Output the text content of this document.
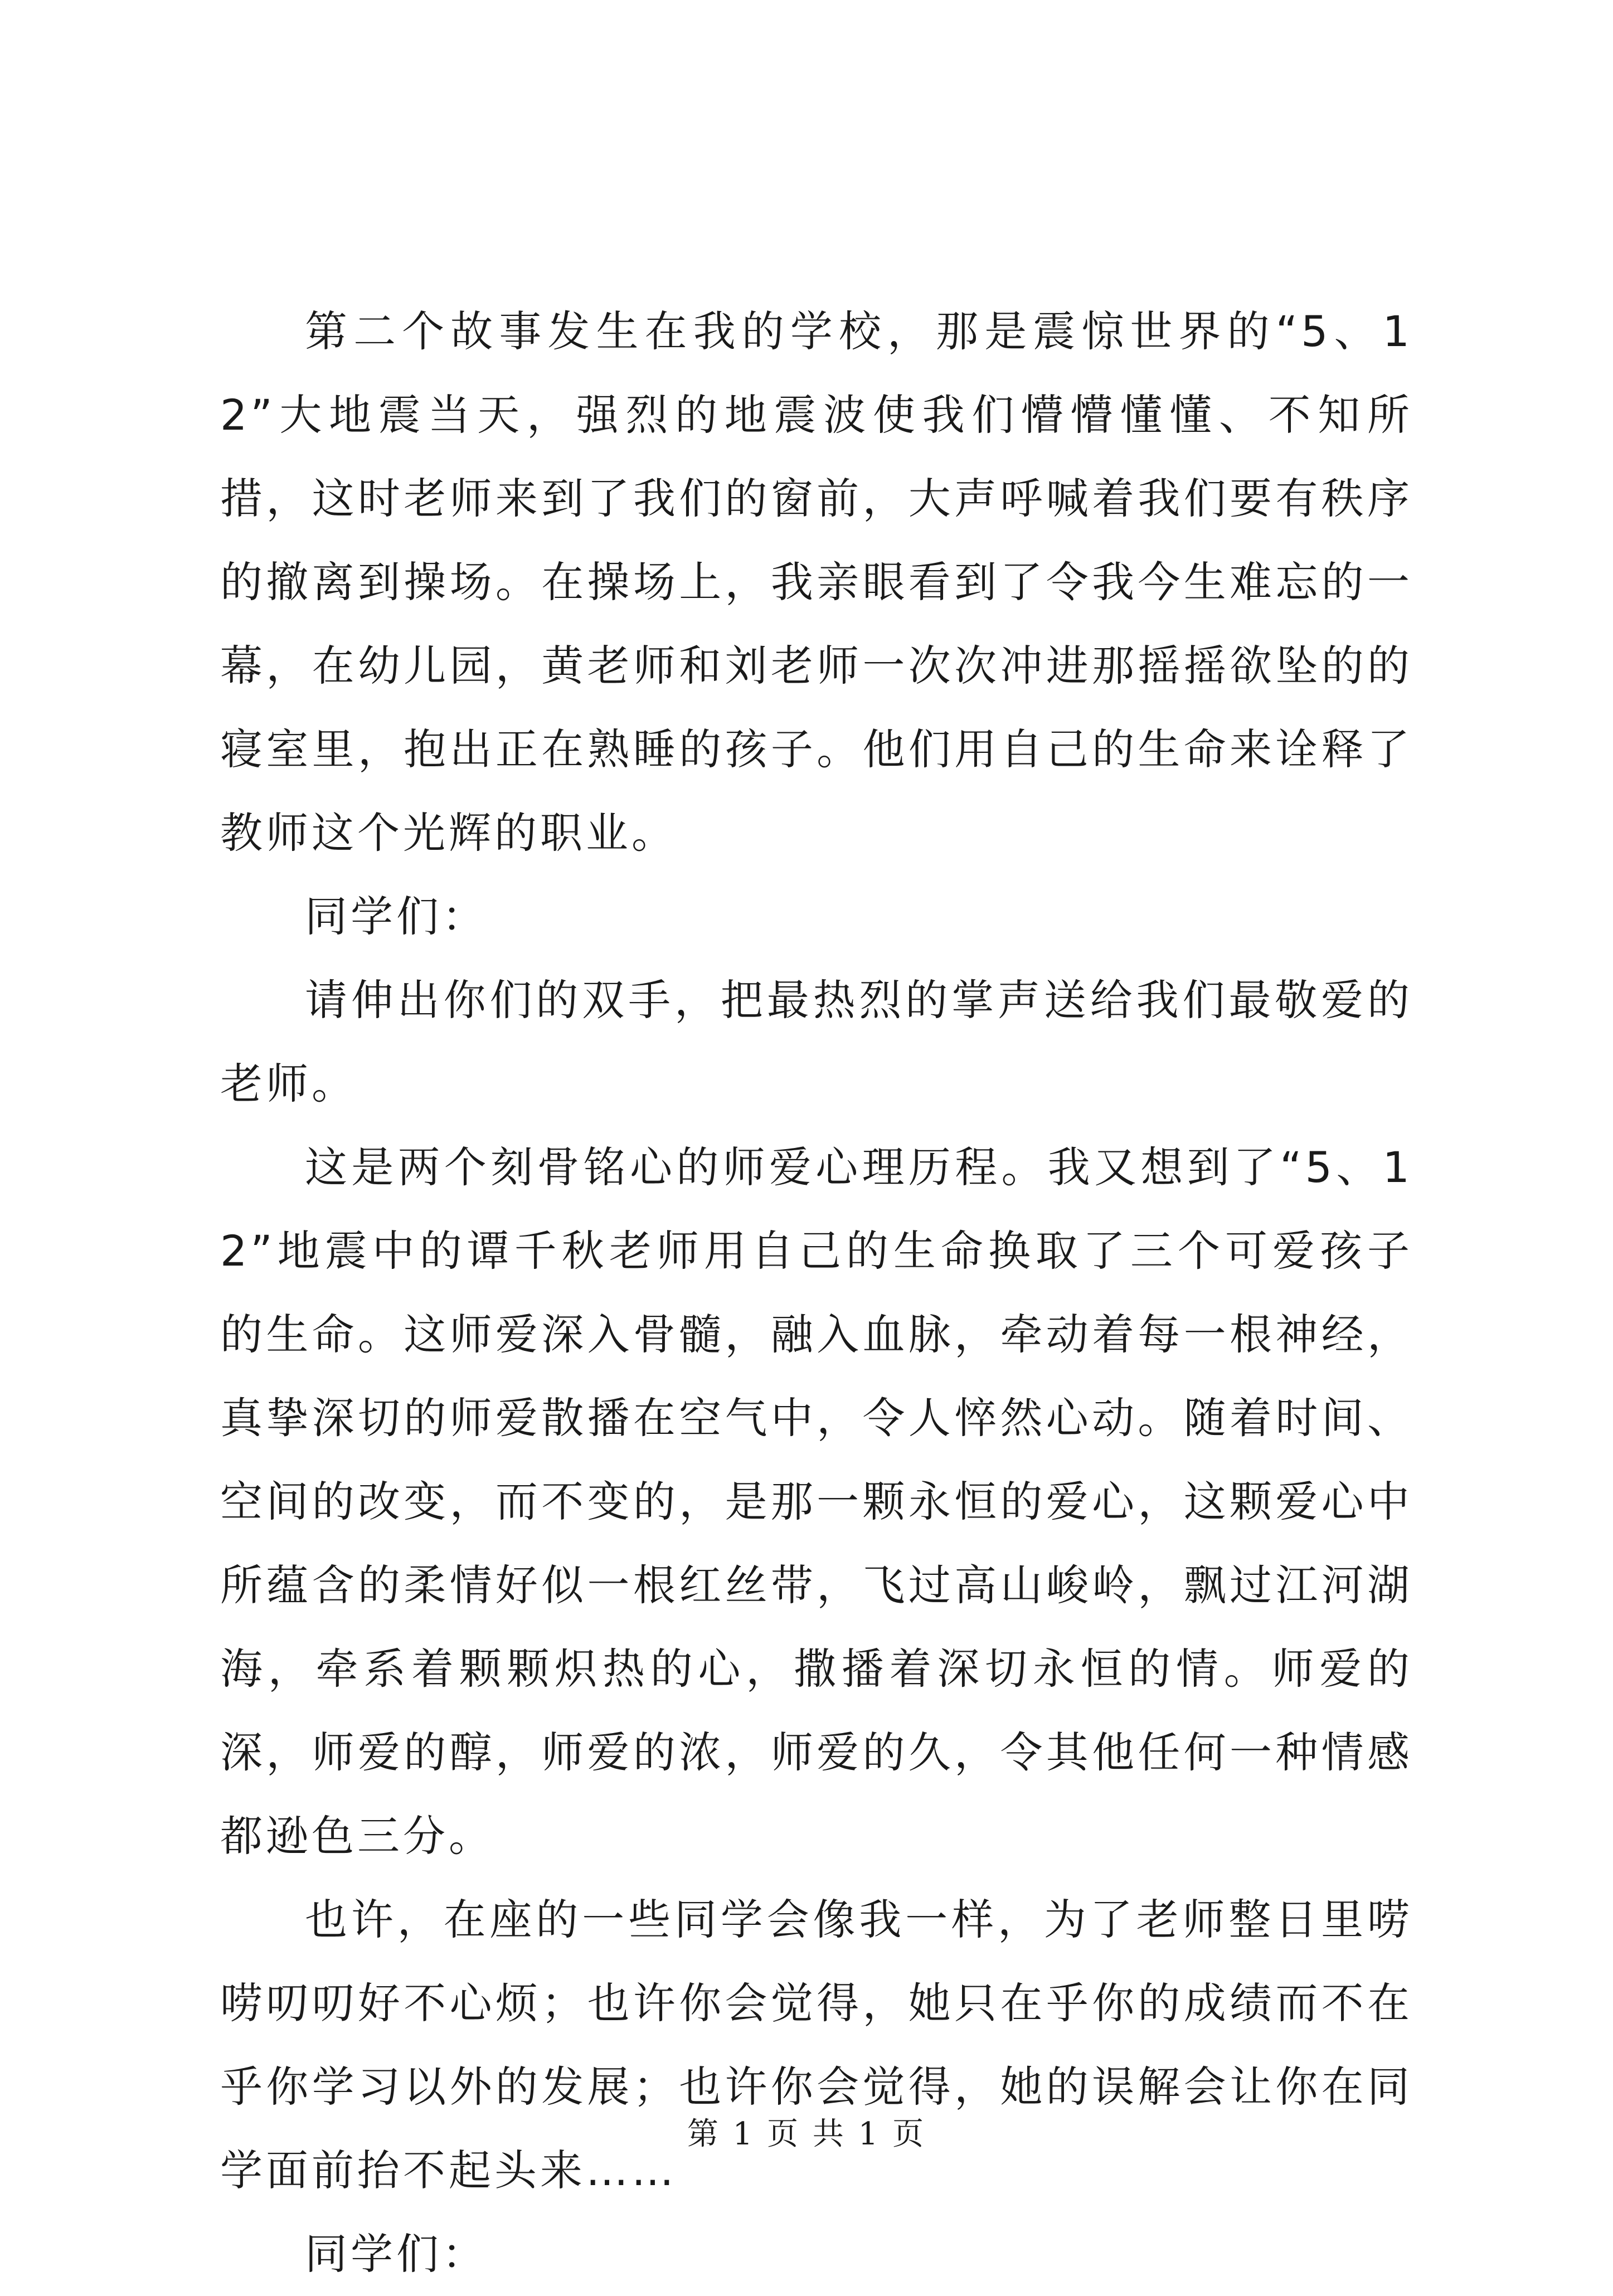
第二个故事发生在我的学校，那是震惊世界的“5、12”大地震当天，强烈的地震波使我们懵懵懂懂、不知所措，这时老师来到了我们的窗前，大声呼喊着我们要有秩序的撤离到操场。在操场上，我亲眼看到了令我今生难忘的一幕，在幼儿园，黄老师和刘老师一次次冲进那摇摇欲坠的的寝室里，抱出正在熟睡的孩子。他们用自己的生命来诠释了教师这个光辉的职业。

同学们：

请伸出你们的双手，把最热烈的掌声送给我们最敬爱的老师。

这是两个刻骨铭心的师爱心理历程。我又想到了“5、12”地震中的谭千秋老师用自己的生命换取了三个可爱孩子的生命。这师爱深入骨髓，融入血脉，牵动着每一根神经，真挚深切的师爱散播在空气中，令人悴然心动。随着时间、空间的改变，而不变的，是那一颗永恒的爱心，这颗爱心中所蕴含的柔情好似一根红丝带，飞过高山峻岭，飘过江河湖海，牵系着颗颗炽热的心，撒播着深切永恒的情。师爱的深，师爱的醇，师爱的浓，师爱的久，令其他任何一种情感都逊色三分。

也许，在座的一些同学会像我一样，为了老师整日里唠唠叨叨好不心烦；也许你会觉得，她只在乎你的成绩而不在乎你学习以外的发展；也许你会觉得，她的误解会让你在同学面前抬不起头来……

同学们：

第 1 页 共 1 页
